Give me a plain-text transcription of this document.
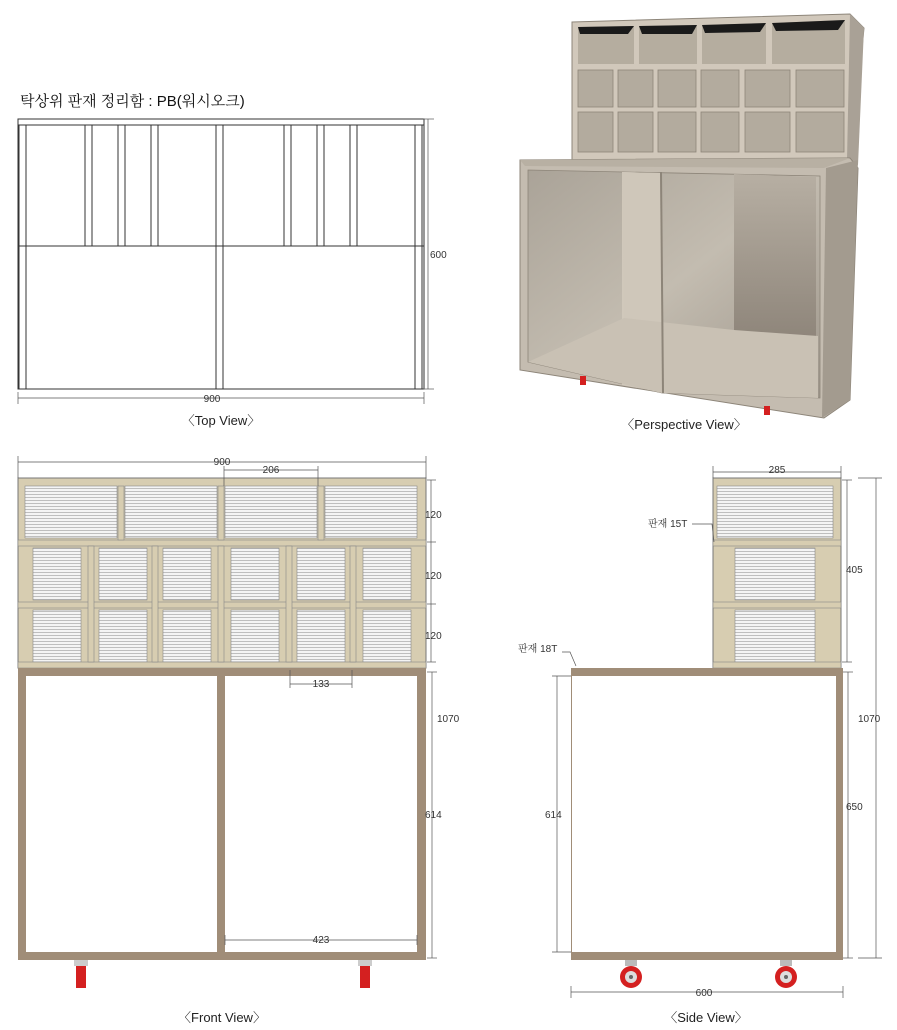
탁상위 판재 정리함 : PB(워시오크)
900
600
〈Top View〉	〈Perspective View〉
900
206
120
120
120
133
1070
614
423
〈Front View〉
285
405
1070
650
614
600
판재 15T
판재 18T
〈Side View〉
